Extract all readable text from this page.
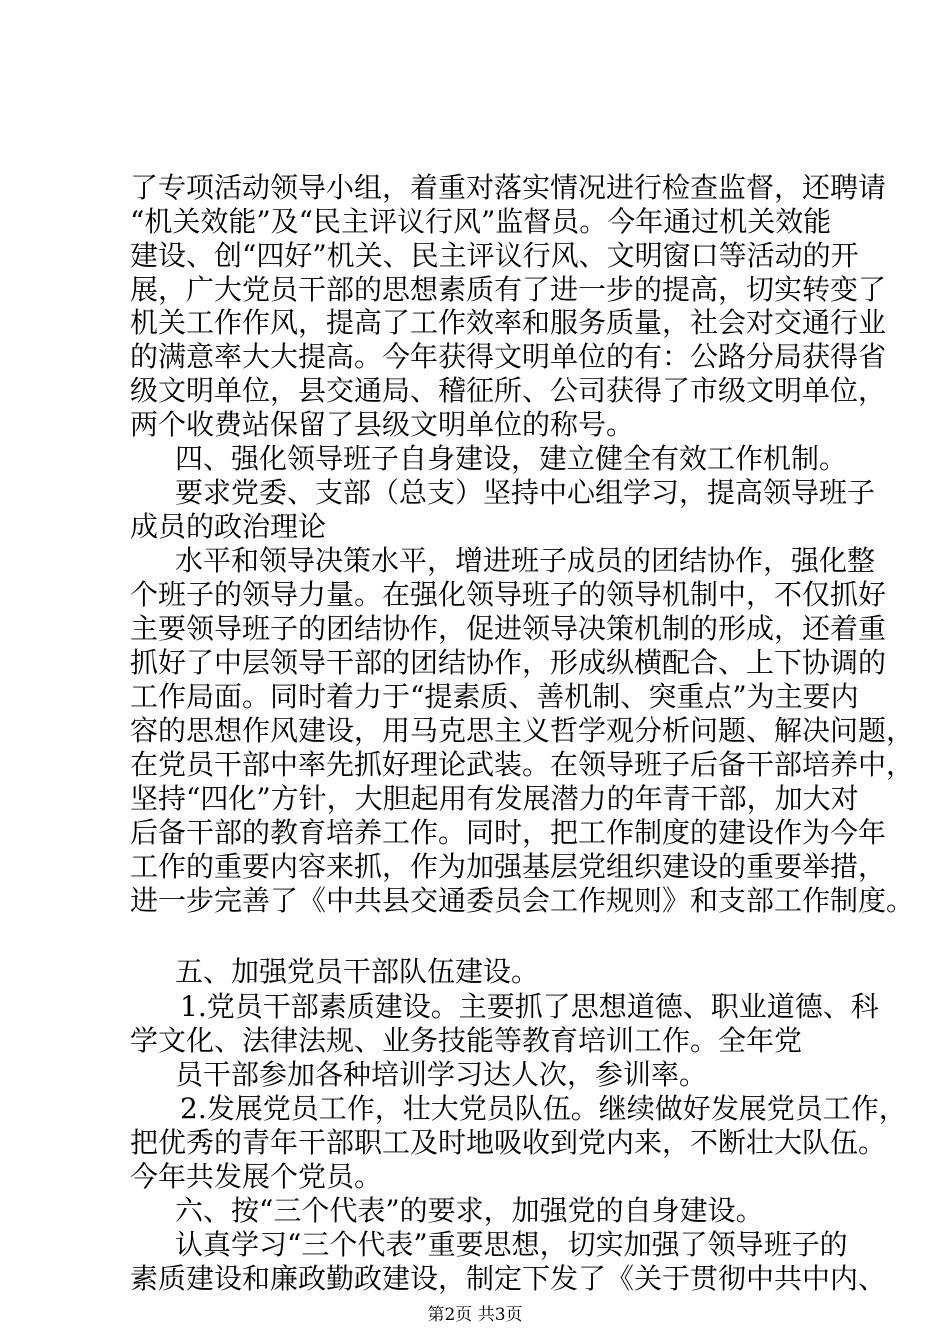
了专项活动领导小组，着重对落实情况进行检查监督，还聘请
“机关效能”及“民主评议行风”监督员。今年通过机关效能
建设、创“四好”机关、民主评议行风、文明窗口等活动的开
展，广大党员干部的思想素质有了进一步的提高，切实转变了
机关工作作风，提高了工作效率和服务质量，社会对交通行业
的满意率大大提高。今年获得文明单位的有：公路分局获得省
级文明单位，县交通局、稽征所、公司获得了市级文明单位，
两个收费站保留了县级文明单位的称号。
四、强化领导班子自身建设，建立健全有效工作机制。
要求党委、支部（总支）坚持中心组学习，提高领导班子
成员的政治理论
水平和领导决策水平，增进班子成员的团结协作，强化整
个班子的领导力量。在强化领导班子的领导机制中，不仅抓好
主要领导班子的团结协作，促进领导决策机制的形成，还着重
抓好了中层领导干部的团结协作，形成纵横配合、上下协调的
工作局面。同时着力于“提素质、善机制、突重点”为主要内
容的思想作风建设，用马克思主义哲学观分析问题、解决问题，
在党员干部中率先抓好理论武装。在领导班子后备干部培养中，
坚持“四化”方针，大胆起用有发展潜力的年青干部，加大对
后备干部的教育培养工作。同时，把工作制度的建设作为今年
工作的重要内容来抓，作为加强基层党组织建设的重要举措，
进一步完善了《中共县交通委员会工作规则》和支部工作制度。
五、加强党员干部队伍建设。
1.党员干部素质建设。主要抓了思想道德、职业道德、科
学文化、法律法规、业务技能等教育培训工作。全年党
员干部参加各种培训学习达人次，参训率。
2.发展党员工作，壮大党员队伍。继续做好发展党员工作，
把优秀的青年干部职工及时地吸收到党内来，不断壮大队伍。
今年共发展个党员。
六、按“三个代表”的要求，加强党的自身建设。
认真学习“三个代表”重要思想，切实加强了领导班子的
素质建设和廉政勤政建设，制定下发了《关于贯彻中共中内、
第2页 共3页
